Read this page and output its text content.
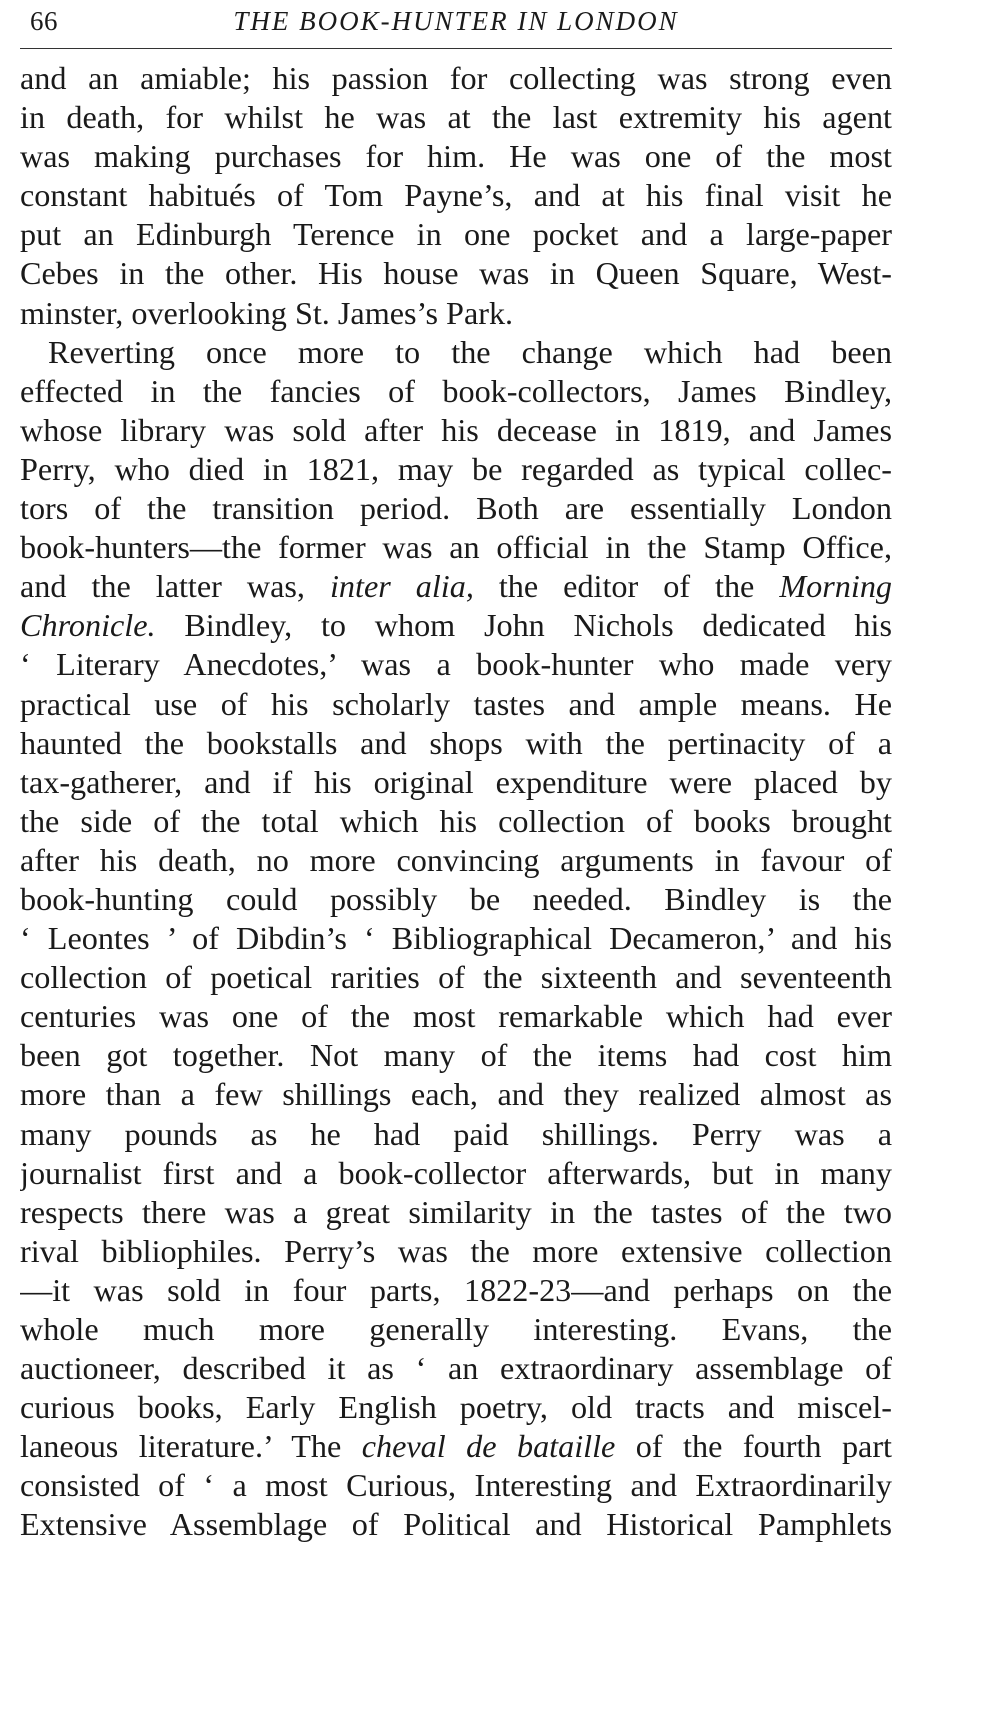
66	THE BOOK-HUNTER IN LONDON
and an amiable; his passion for collecting was strong even
in death, for whilst he was at the last extremity his agent
was making purchases for him. He was one of the most
constant habitués of Tom Payne’s, and at his final visit he
put an Edinburgh Terence in one pocket and a large-paper
Cebes in the other. His house was in Queen Square, West-
minster, overlooking St. James’s Park.
Reverting once more to the change which had been
effected in the fancies of book-collectors, James Bindley,
whose library was sold after his decease in 1819, and James
Perry, who died in 1821, may be regarded as typical collec-
tors of the transition period. Both are essentially London
book-hunters—the former was an official in the Stamp Office,
and the latter was, inter alia, the editor of the Morning
Chronicle. Bindley, to whom John Nichols dedicated his
‘ Literary Anecdotes,’ was a book-hunter who made very
practical use of his scholarly tastes and ample means. He
haunted the bookstalls and shops with the pertinacity of a
tax-gatherer, and if his original expenditure were placed by
the side of the total which his collection of books brought
after his death, no more convincing arguments in favour of
book-hunting could possibly be needed. Bindley is the
‘ Leontes ’ of Dibdin’s ‘ Bibliographical Decameron,’ and his
collection of poetical rarities of the sixteenth and seventeenth
centuries was one of the most remarkable which had ever
been got together. Not many of the items had cost him
more than a few shillings each, and they realized almost as
many pounds as he had paid shillings. Perry was a
journalist first and a book-collector afterwards, but in many
respects there was a great similarity in the tastes of the two
rival bibliophiles. Perry’s was the more extensive collection
—it was sold in four parts, 1822-23—and perhaps on the
whole much more generally interesting. Evans, the
auctioneer, described it as ‘ an extraordinary assemblage of
curious books, Early English poetry, old tracts and miscel-
laneous literature.’ The cheval de bataille of the fourth part
consisted of ‘ a most Curious, Interesting and Extraordinarily
Extensive Assemblage of Political and Historical Pamphlets
